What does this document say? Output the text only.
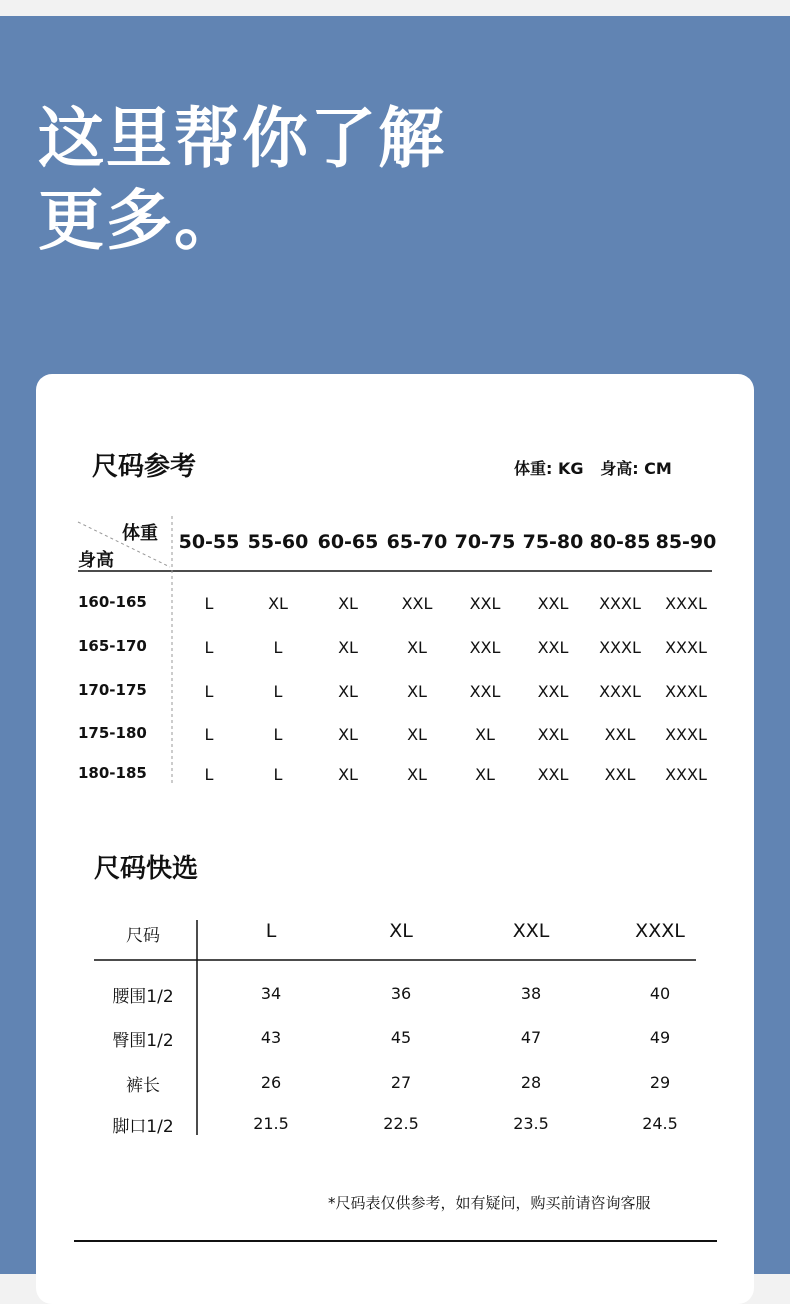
这里帮你了解
更多。
尺码参考	体重: KG   身高: CM
体重
身高
50-55 55-60 60-65 65-70 70-75 75-80 80-85 85-90
160-165	L	XL	XL	XXL	XXL	XXL	XXXL	XXXL
165-170	L	L	XL	XL	XXL	XXL	XXXL	XXXL
170-175	L	L	XL	XL	XXL	XXL	XXXL	XXXL
175-180	L	L	XL	XL	XL	XXL	XXL	XXXL
180-185	L	L	XL	XL	XL	XXL	XXL	XXXL
尺码快选
尺码	L	XL	XXL	XXXL
腰围1/2	34	36	38	40
臀围1/2	43	45	47	49
裤长	26	27	28	29
脚口1/2	21.5	22.5	23.5	24.5
*尺码表仅供参考，如有疑问，购买前请咨询客服
